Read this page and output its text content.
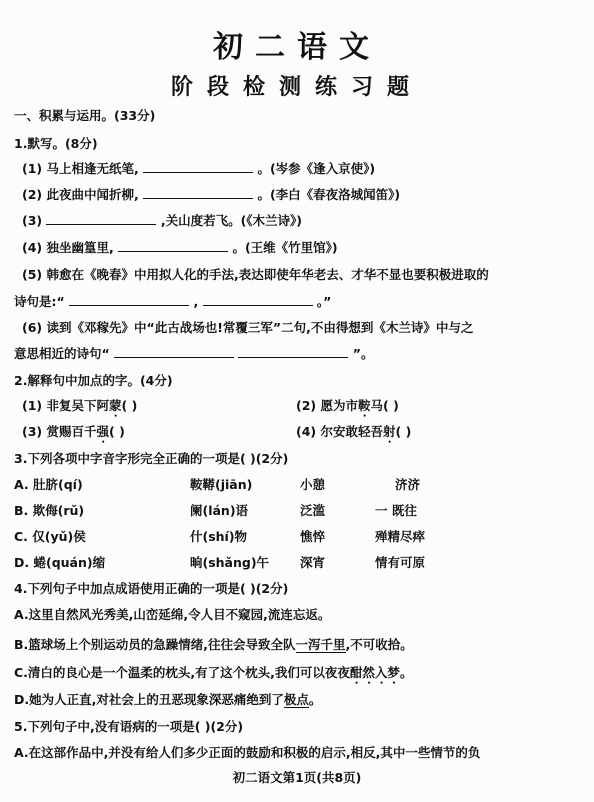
初二语文
阶段检测练习题
一、积累与运用。(33分)
1.默写。(8分)
(1) 马上相逢无纸笔,	。(岑参《逢入京使》)
(2) 此夜曲中闻折柳,	。(李白《春夜洛城闻笛》)
(3)	,关山度若飞。(《木兰诗》)
(4) 独坐幽篁里,	。(王维《竹里馆》)
(5) 韩愈在《晚春》中用拟人化的手法,表达即使年华老去、才华不显也要积极进取的
诗句是:“	,	。”
(6) 读到《邓稼先》中“此古战场也!常覆三军”二句,不由得想到《木兰诗》中与之
意思相近的诗句“	”。
2.解释句中加点的字。(4分)
(1) 非复吴下阿蒙( )	(2) 愿为市鞍马( )
(3) 赏赐百千强( )	(4) 尔安敢轻吾射( )
3.下列各项中字音字形完全正确的一项是( )(2分)
A. 肚脐(qí)	鞍鞯(jiān)	小憩	济济
B. 欺侮(rǔ)	阑(lán)语	泛滥	一 既往
C. 仅(yǔ)侯	什(shí)物	憔悴	殚精尽瘁
D. 蜷(quán)缩	晌(shǎng)午 深宵	情有可原
4.下列句子中加点成语使用正确的一项是( )(2分)
A.这里自然风光秀美,山峦延绵,令人目不窥园,流连忘返。
B.篮球场上个别运动员的急躁情绪,往往会导致全队一泻千里,不可收拾。
C.清白的良心是一个温柔的枕头,有了这个枕头,我们可以夜夜酣然入梦。
D.她为人正直,对社会上的丑恶现象深恶痛绝到了极点。
5.下列句子中,没有语病的一项是( )(2分)
A.在这部作品中,并没有给人们多少正面的鼓励和积极的启示,相反,其中一些情节的负
初二语文第1页(共8页)
